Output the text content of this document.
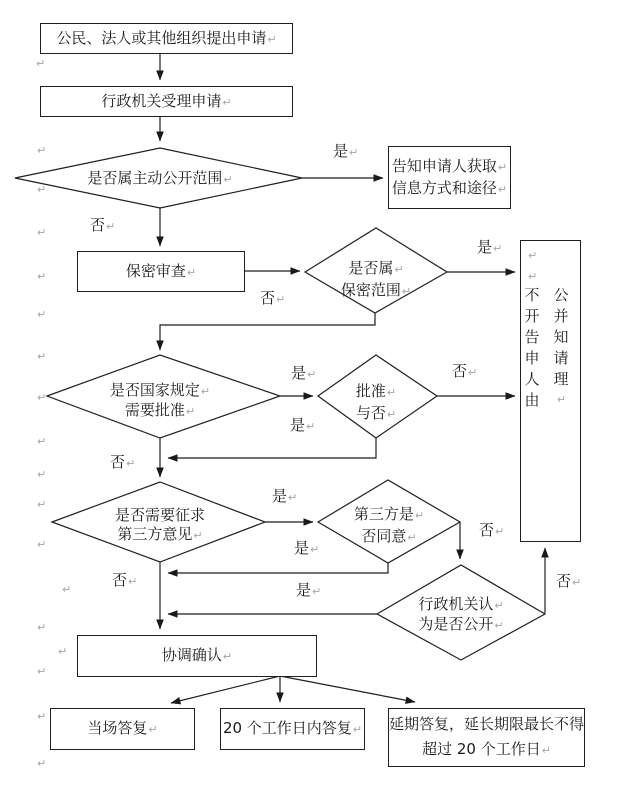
公民、法人或其他组织提出申请↵
行政机关受理申请↵
告知申请人获取↵
信息方式和途径↵
保密审查↵
↵
↵
不 公
开 并
告 知
申 请
人 理
由 ↵
协调确认↵
当场答复↵	20 个工作日内答复↵ 延期答复，延长期限最长不得
超过 20 个工作日↵
是否属主动公开范围↵
是否属↵
保密范围↵
是否国家规定↵
需要批准↵
批准↵
与否↵
是否需要征求
第三方意见↵
第三方是↵
否同意↵
行政机关认↵
为是否公开↵
是↵
否↵
是↵
否↵
是↵	否↵
是↵
否↵
是↵
否↵
是↵
否↵	否↵
是↵
↵
↵
↵
↵
↵
↵
↵
↵
↵
↵
↵
↵
↵
↵
↵
↵
↵
↵
